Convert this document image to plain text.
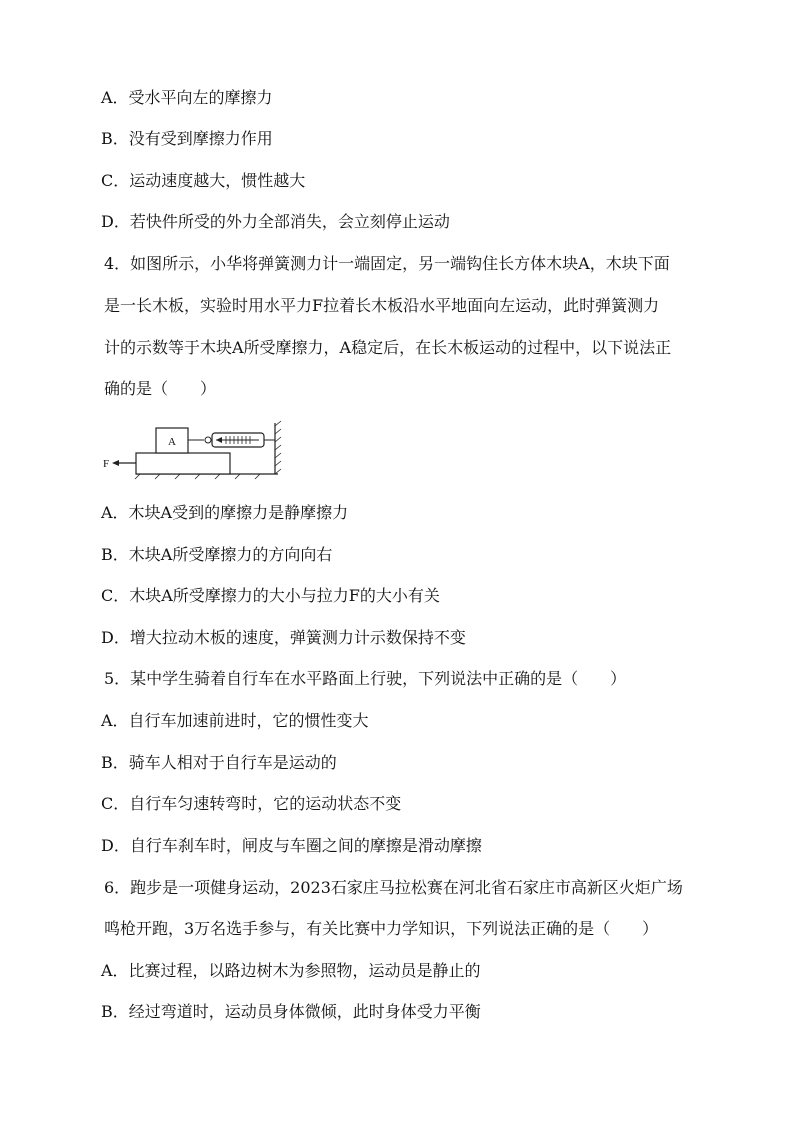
A．受水平向左的摩擦力
B．没有受到摩擦力作用
C．运动速度越大，惯性越大
D．若快件所受的外力全部消失，会立刻停止运动
4．如图所示，小华将弹簧测力计一端固定，另一端钩住长方体木块A，木块下面
是一长木板，实验时用水平力F拉着长木板沿水平地面向左运动，此时弹簧测力
计的示数等于木块A所受摩擦力，A稳定后，在长木板运动的过程中，以下说法正
确的是（　　）
A
F
A．木块A受到的摩擦力是静摩擦力
B．木块A所受摩擦力的方向向右
C．木块A所受摩擦力的大小与拉力F的大小有关
D．增大拉动木板的速度，弹簧测力计示数保持不变
5．某中学生骑着自行车在水平路面上行驶，下列说法中正确的是（　　）
A．自行车加速前进时，它的惯性变大
B．骑车人相对于自行车是运动的
C．自行车匀速转弯时，它的运动状态不变
D．自行车刹车时，闸皮与车圈之间的摩擦是滑动摩擦
6．跑步是一项健身运动，2023石家庄马拉松赛在河北省石家庄市高新区火炬广场
鸣枪开跑，3万名选手参与，有关比赛中力学知识，下列说法正确的是（　　）
A．比赛过程，以路边树木为参照物，运动员是静止的
B．经过弯道时，运动员身体微倾，此时身体受力平衡
